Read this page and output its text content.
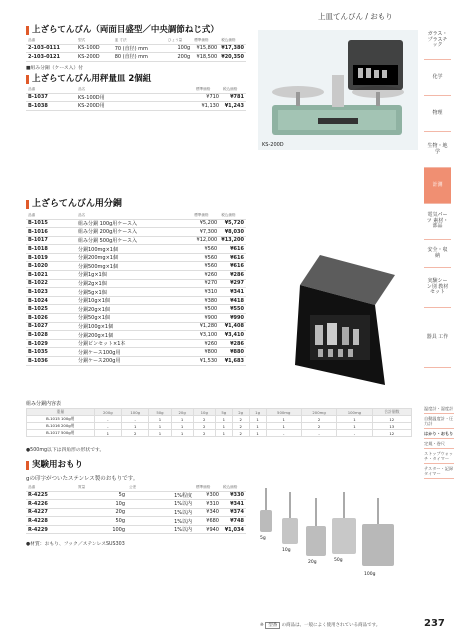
上皿てんびん / おもり
ガラス・プラスチック
化学
物理
生物・地学
計測
電気パーツ 素材・部品
安全・収納
実験シーン別 教材セット
器具 工作
温度計・湿度計
自動温度計・圧力計
はかり・おもり
定規・巻尺
ストップウォッチ・タイマー
テスター・記録タイマー
上ざらてんびん（両面目盛型／中央調節ねじ式）
品番	型式	皿 寸法	ひょう量	標準価格	税込価格
2-103-0111	KS-100D	70 (直径) mm	100g	¥15,800	¥17,380
2-103-0121	KS-200D	80 (直径) mm	200g	¥18,500	¥20,350
■組み分銅（ケース入）付
上ざらてんびん用秤量皿 2個組
品番	品名	標準価格	税込価格
B-1037	KS-100D用	¥710	¥781
B-1038	KS-200D用	¥1,130	¥1,243
KS-200D
上ざらてんびん用分銅
品番	品名	標準価格	税込価格
B-1015	組み分銅 100g用ケース入	¥5,200	¥5,720
B-1016	組み分銅 200g用ケース入	¥7,300	¥8,030
B-1017	組み分銅 500g用ケース入	¥12,000	¥13,200
B-1018	分銅100mg×1個	¥560	¥616
B-1019	分銅200mg×1個	¥560	¥616
B-1020	分銅500mg×1個	¥560	¥616
B-1021	分銅1g×1個	¥260	¥286
B-1022	分銅2g×1個	¥270	¥297
B-1023	分銅5g×1個	¥310	¥341
B-1024	分銅10g×1個	¥380	¥418
B-1025	分銅20g×1個	¥500	¥550
B-1026	分銅50g×1個	¥900	¥990
B-1027	分銅100g×1個	¥1,280	¥1,408
B-1028	分銅200g×1個	¥3,100	¥3,410
B-1029	分銅ピンセット×1本	¥260	¥286
B-1035	分銅ケース100g用	¥800	¥880
B-1036	分銅ケース200g用	¥1,530	¥1,683
組み分銅内容表
重量	200g	100g	50g	20g	10g	5g	2g	1g	500mg	200mg	100mg	合計個数
B-1015 100g用	-	-	1	1	2	1	2	1	1	2	1	12
B-1016 200g用	-	1	1	1	2	1	2	1	1	2	1	13
B-1017 500g用	1	2	1	1	2	1	2	1	-	-	-	12
●500mg以下は四角形の形状です。
実験用おもり
gの印字がついたステンレス製のおもりです。
品番	質量	公差	標準価格	税込価格
R-4225	5g	1%程度	¥300	¥330
R-4226	10g	1%以内	¥310	¥341
R-4227	20g	1%以内	¥340	¥374
R-4228	50g	1%以内	¥680	¥748
R-4229	100g	1%以内	¥940	¥1,034
●材質：おもり、フック／ステンレスSUS303
5g
10g
20g	50g
100g
※ 型番 の商品は、一般によく使用されている商品です。	237
